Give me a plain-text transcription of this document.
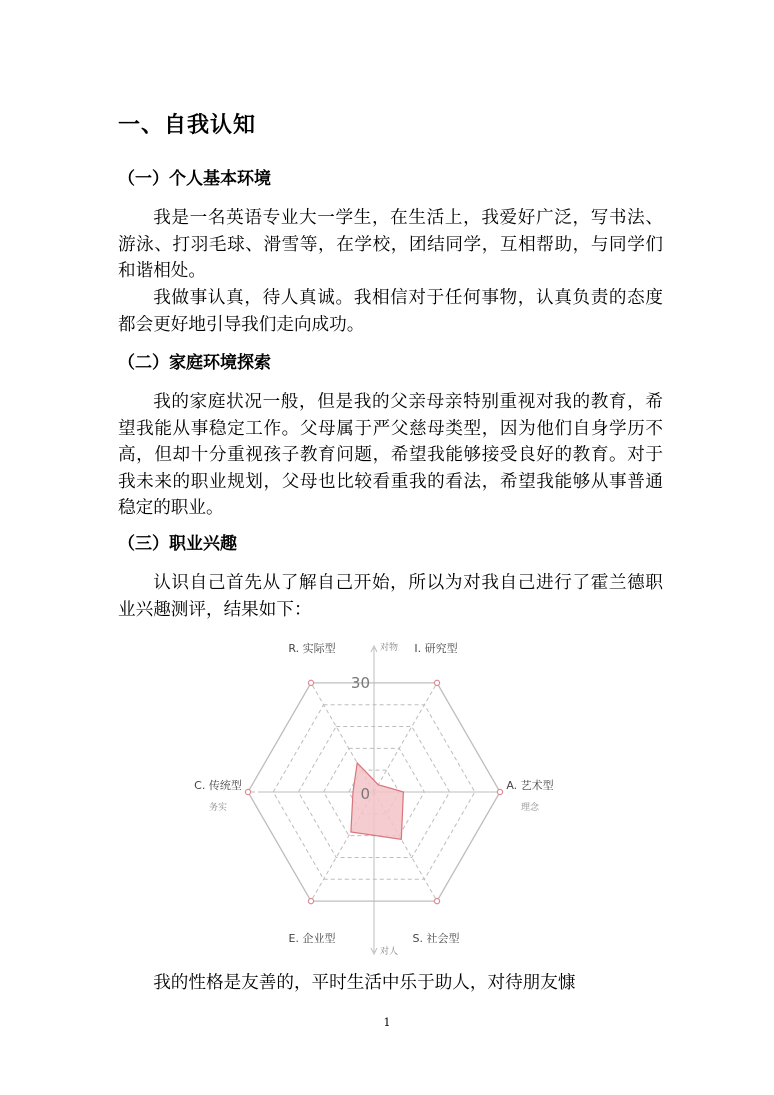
一、自我认知
（一）个人基本环境

我是一名英语专业大一学生，在生活上，我爱好广泛，写书法、游泳、打羽毛球、滑雪等，在学校，团结同学，互相帮助，与同学们和谐相处。

我做事认真，待人真诚。我相信对于任何事物，认真负责的态度都会更好地引导我们走向成功。

（二）家庭环境探索

我的家庭状况一般，但是我的父亲母亲特别重视对我的教育，希望我能从事稳定工作。父母属于严父慈母类型，因为他们自身学历不高，但却十分重视孩子教育问题，希望我能够接受良好的教育。对于我未来的职业规划，父母也比较看重我的看法，希望我能够从事普通稳定的职业。

（三）职业兴趣

认识自己首先从了解自己开始，所以为对我自己进行了霍兰德职业兴趣测评，结果如下：

0
30
R. 实际型	I. 研究型
A. 艺术型
S. 社会型
E. 企业型
C. 传统型
对物
对人
务实	理念

我的性格是友善的，平时生活中乐于助人，对待朋友慷

1
